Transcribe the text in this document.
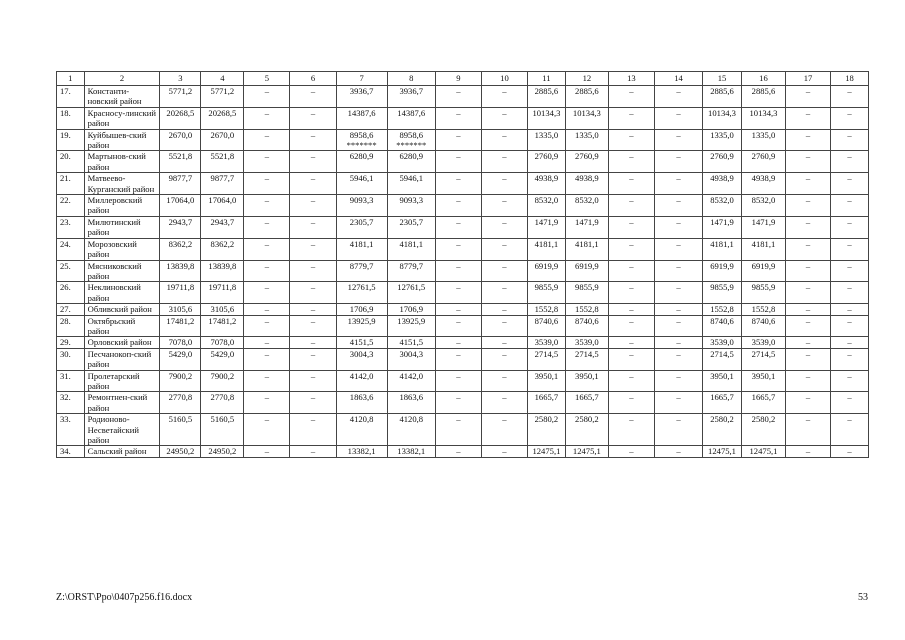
1	2	3	4	5	6	7	8	9	10	11	12	13	14	15	16	17	18
17.	Константи-новский район	5771,2	5771,2	–	–	3936,7	3936,7	–	–	2885,6	2885,6	–	–	2885,6	2885,6	–	–
18.	Красносу-линский район	20268,5	20268,5	–	–	14387,6	14387,6	–	–	10134,3	10134,3	–	–	10134,3	10134,3	–	–
19.	Куйбышев-ский район	2670,0	2670,0	–	–	8958,6 *******	8958,6 *******	–	–	1335,0	1335,0	–	–	1335,0	1335,0	–	–
20.	Мартынов-ский район	5521,8	5521,8	–	–	6280,9	6280,9	–	–	2760,9	2760,9	–	–	2760,9	2760,9	–	–
21.	Матвеево-Курганский район	9877,7	9877,7	–	–	5946,1	5946,1	–	–	4938,9	4938,9	–	–	4938,9	4938,9	–	–
22.	Миллеровский район	17064,0	17064,0	–	–	9093,3	9093,3	–	–	8532,0	8532,0	–	–	8532,0	8532,0	–	–
23.	Милютинский район	2943,7	2943,7	–	–	2305,7	2305,7	–	–	1471,9	1471,9	–	–	1471,9	1471,9	–	–
24.	Морозовский район	8362,2	8362,2	–	–	4181,1	4181,1	–	–	4181,1	4181,1	–	–	4181,1	4181,1	–	–
25.	Мясниковский район	13839,8	13839,8	–	–	8779,7	8779,7	–	–	6919,9	6919,9	–	–	6919,9	6919,9	–	–
26.	Неклиновский район	19711,8	19711,8	–	–	12761,5	12761,5	–	–	9855,9	9855,9	–	–	9855,9	9855,9	–	–
27.	Обливский район	3105,6	3105,6	–	–	1706,9	1706,9	–	–	1552,8	1552,8	–	–	1552,8	1552,8	–	–
28.	Октябрьский район	17481,2	17481,2	–	–	13925,9	13925,9	–	–	8740,6	8740,6	–	–	8740,6	8740,6	–	–
29.	Орловский район	7078,0	7078,0	–	–	4151,5	4151,5	–	–	3539,0	3539,0	–	–	3539,0	3539,0	–	–
30.	Песчанокоп-ский район	5429,0	5429,0	–	–	3004,3	3004,3	–	–	2714,5	2714,5	–	–	2714,5	2714,5	–	–
31.	Пролетарский район	7900,2	7900,2	–	–	4142,0	4142,0	–	–	3950,1	3950,1	–	–	3950,1	3950,1	–	–
32.	Ремонтнен-ский район	2770,8	2770,8	–	–	1863,6	1863,6	–	–	1665,7	1665,7	–	–	1665,7	1665,7	–	–
33.	Родионово-Несветайский район	5160,5	5160,5	–	–	4120,8	4120,8	–	–	2580,2	2580,2	–	–	2580,2	2580,2	–	–
34.	Сальский район	24950,2	24950,2	–	–	13382,1	13382,1	–	–	12475,1	12475,1	–	–	12475,1	12475,1	–	–
Z:\ORST\Ppo\0407p256.f16.docx	53
